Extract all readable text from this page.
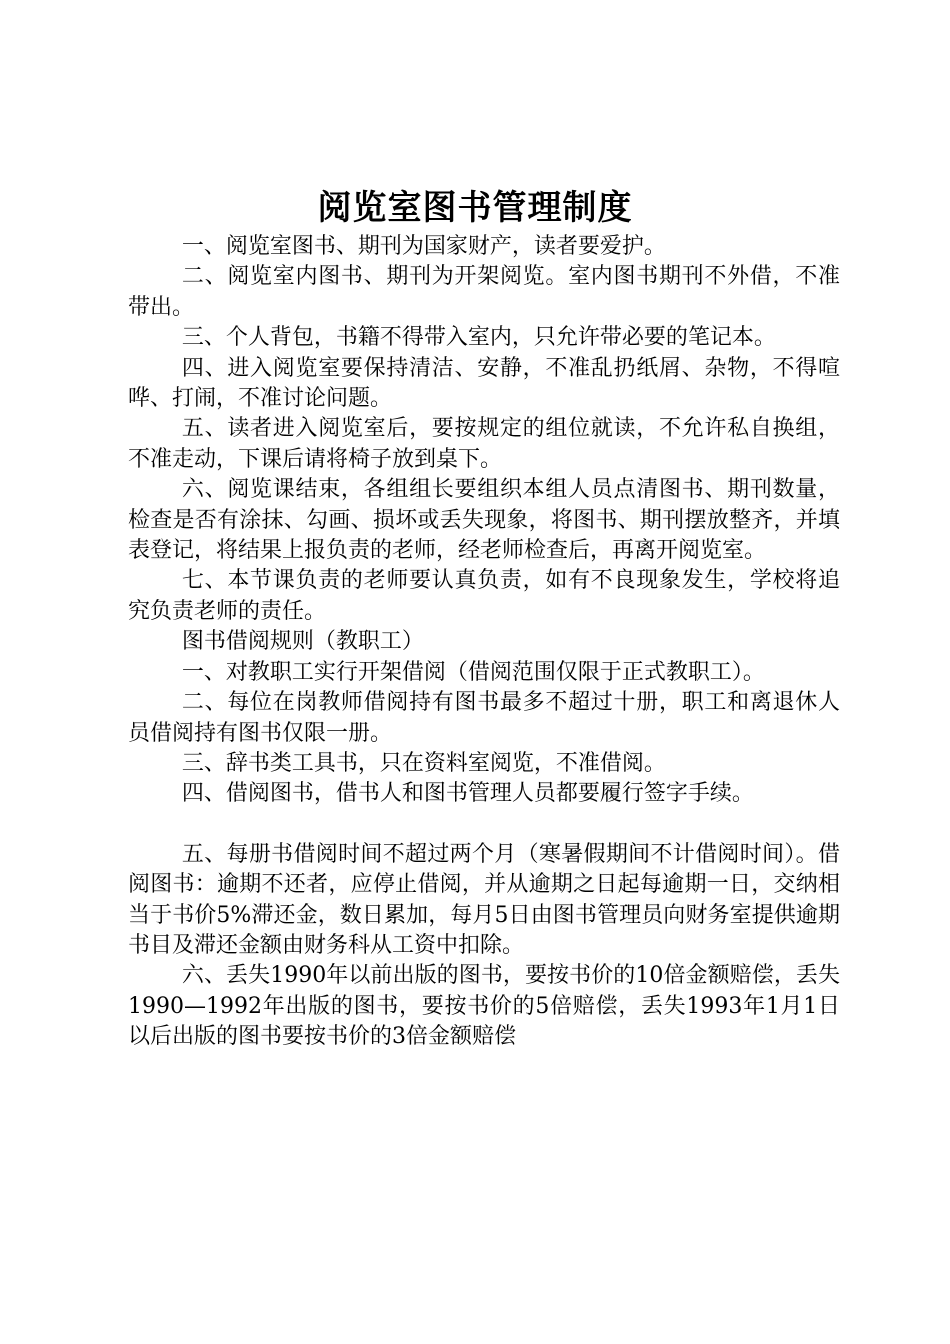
阅览室图书管理制度

一、阅览室图书、期刊为国家财产，读者要爱护。

二、阅览室内图书、期刊为开架阅览。室内图书期刊不外借，不准带出。

三、个人背包，书籍不得带入室内，只允许带必要的笔记本。

四、进入阅览室要保持清洁、安静，不准乱扔纸屑、杂物，不得喧哗、打闹，不准讨论问题。

五、读者进入阅览室后，要按规定的组位就读，不允许私自换组，不准走动，下课后请将椅子放到桌下。

六、阅览课结束，各组组长要组织本组人员点清图书、期刊数量，检查是否有涂抹、勾画、损坏或丢失现象，将图书、期刊摆放整齐，并填表登记，将结果上报负责的老师，经老师检查后，再离开阅览室。

七、本节课负责的老师要认真负责，如有不良现象发生，学校将追究负责老师的责任。

图书借阅规则（教职工）

一、对教职工实行开架借阅（借阅范围仅限于正式教职工）。

二、每位在岗教师借阅持有图书最多不超过十册，职工和离退休人员借阅持有图书仅限一册。

三、辞书类工具书，只在资料室阅览，不准借阅。

四、借阅图书，借书人和图书管理人员都要履行签字手续。

五、每册书借阅时间不超过两个月（寒暑假期间不计借阅时间）。借阅图书：逾期不还者，应停止借阅，并从逾期之日起每逾期一日，交纳相当于书价5%滞还金，数日累加，每月5日由图书管理员向财务室提供逾期书目及滞还金额由财务科从工资中扣除。

六、丢失1990年以前出版的图书，要按书价的10倍金额赔偿，丢失1990—1992年出版的图书，要按书价的5倍赔偿，丢失1993年1月1日以后出版的图书要按书价的3倍金额赔偿
